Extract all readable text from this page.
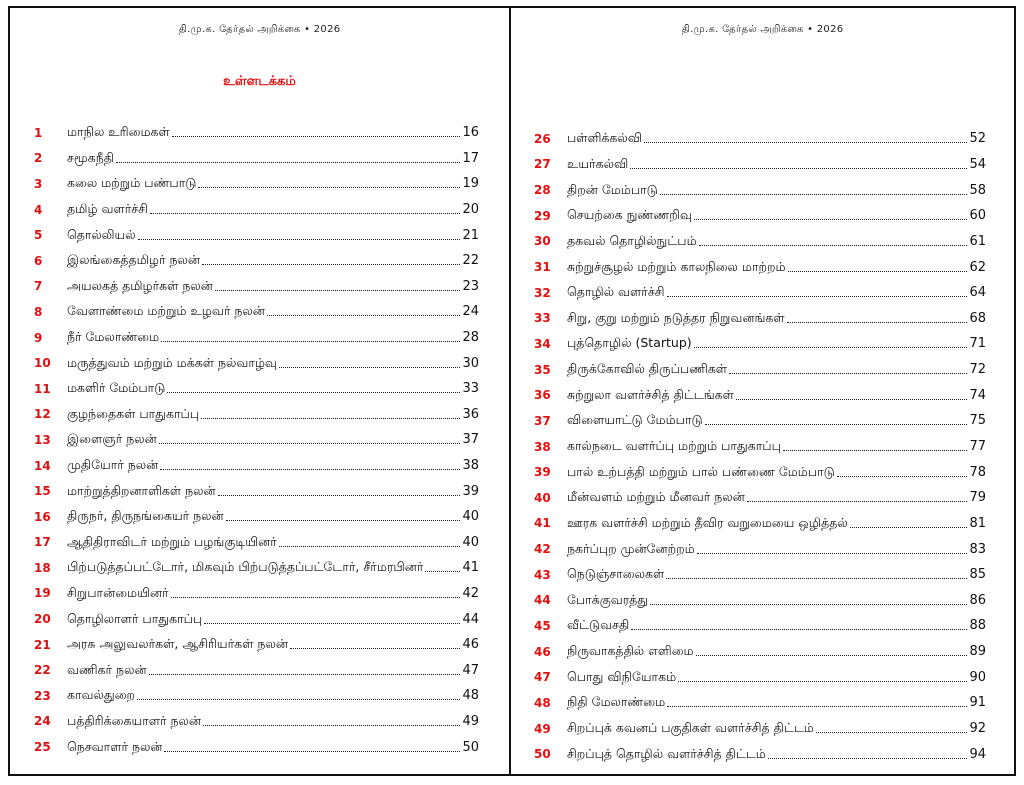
தி.மு.க. தேர்தல் அறிக்கை • 2026
உள்ளடக்கம்
1	மாநில உரிமைகள்	16
2	சமூகநீதி	17
3	கலை மற்றும் பண்பாடு	19
4	தமிழ் வளர்ச்சி	20
5	தொல்லியல்	21
6	இலங்கைத்தமிழர் நலன்	22
7	அயலகத் தமிழர்கள் நலன்	23
8	வேளாண்மை மற்றும் உழவர் நலன்	24
9	நீர் மேலாண்மை	28
10	மருத்துவம் மற்றும் மக்கள் நல்வாழ்வு	30
11	மகளிர் மேம்பாடு	33
12	குழந்தைகள் பாதுகாப்பு	36
13	இளைஞர் நலன்	37
14	முதியோர் நலன்	38
15	மாற்றுத்திறனாளிகள் நலன்	39
16	திருநர், திருநங்கையர் நலன்	40
17	ஆதிதிராவிடர் மற்றும் பழங்குடியினர்	40
18	பிற்படுத்தப்பட்டோர், மிகவும் பிற்படுத்தப்பட்டோர், சீர்மரபினர்	41
19	சிறுபான்மையினர்	42
20	தொழிலாளர் பாதுகாப்பு	44
21	அரசு அலுவலர்கள், ஆசிரியர்கள் நலன்	46
22	வணிகர் நலன்	47
23	காவல்துறை	48
24	பத்திரிக்கையாளர் நலன்	49
25	நெசவாளர் நலன்	50
தி.மு.க. தேர்தல் அறிக்கை • 2026
26	பள்ளிக்கல்வி	52
27	உயர்கல்வி	54
28	திறன் மேம்பாடு	58
29	செயற்கை நுண்ணறிவு	60
30	தகவல் தொழில்நுட்பம்	61
31	சுற்றுச்சூழல் மற்றும் காலநிலை மாற்றம்	62
32	தொழில் வளர்ச்சி	64
33	சிறு, குறு மற்றும் நடுத்தர நிறுவனங்கள்	68
34	புத்தொழில் (Startup)	71
35	திருக்கோவில் திருப்பணிகள்	72
36	சுற்றுலா வளர்ச்சித் திட்டங்கள்	74
37	விளையாட்டு மேம்பாடு	75
38	கால்நடை வளர்ப்பு மற்றும் பாதுகாப்பு	77
39	பால் உற்பத்தி மற்றும் பால் பண்ணை மேம்பாடு	78
40	மீன்வளம் மற்றும் மீனவர் நலன்	79
41	ஊரக வளர்ச்சி மற்றும் தீவிர வறுமையை ஒழித்தல்	81
42	நகர்ப்புற முன்னேற்றம்	83
43	நெடுஞ்சாலைகள்	85
44	போக்குவரத்து	86
45	வீட்டுவசதி	88
46	நிருவாகத்தில் எளிமை	89
47	பொது விநியோகம்	90
48	நிதி மேலாண்மை	91
49	சிறப்புக் கவனப் பகுதிகள் வளர்ச்சித் திட்டம்	92
50	சிறப்புத் தொழில் வளர்ச்சித் திட்டம்	94
